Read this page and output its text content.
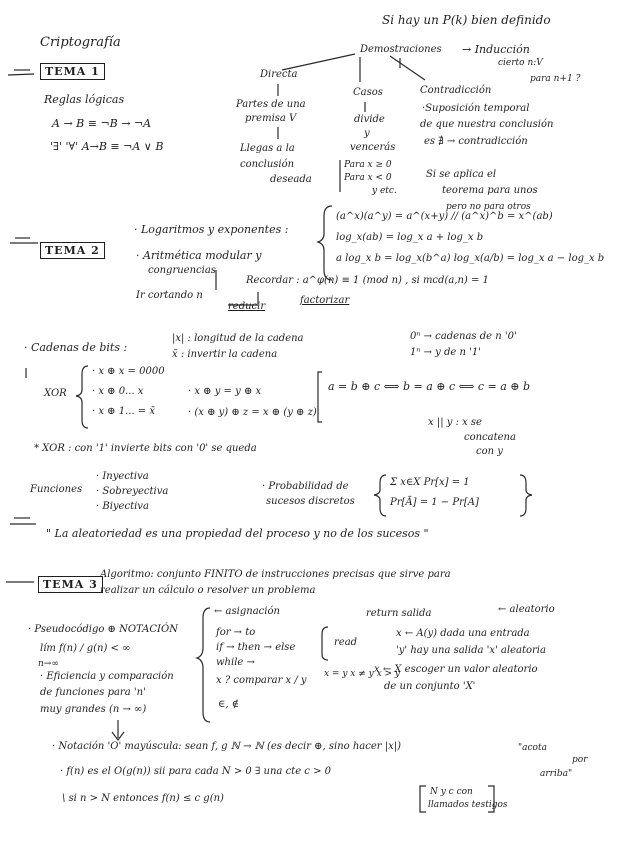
Si hay un P(k) bien definido
Criptografía
TEMA 1
Reglas lógicas
A → B ≡ ¬B → ¬A
'∃' '∀' A→B ≡ ¬A ∨ B
Demostraciones → Inducción
cierto n:V
para n+1 ?
Directa
Partes de una
premisa V
Llegas a la
conclusión
deseada
Casos
divide
y
vencerás
Para x ≥ 0
Para x < 0
y etc.
Contradicción
·Suposición temporal
de que nuestra conclusión
es ∄ → contradicción
Si se aplica el
teorema para unos
pero no para otros
TEMA 2
· Logaritmos y exponentes :
(a^x)(a^y) = a^(x+y) // (a^x)^b = x^(ab)
log_x(ab) = log_x a + log_x b
a log_x b = log_x(b^a) log_x(a/b) = log_x a − log_x b
· Aritmética modular y
congruencias
Recordar : a^φ(n) ≡ 1 (mod n) , si mcd(a,n) = 1
Ir cortando n
reducir
factorizar
· Cadenas de bits :
|x| : longitud de la cadena
x̄ : invertir la cadena
0ⁿ → cadenas de n '0'
1ⁿ → y de n '1'
XOR
· x ⊕ x = 0000
· x ⊕ 0... x
· x ⊕ 1... = x̄
· x ⊕ y = y ⊕ x
· (x ⊕ y) ⊕ z = x ⊕ (y ⊕ z)
a = b ⊕ c ⟺ b = a ⊕ c ⟺ c = a ⊕ b
x || y : x se
concatena
con y
* XOR : con '1' invierte bits con '0' se queda
Funciones
· Inyectiva
· Sobreyectiva
· Biyectiva
· Probabilidad de
sucesos discretos
Σ x∈X Pr[x] = 1
Pr[Ā] = 1 − Pr[A]
" La aleatoriedad es una propiedad del proceso y no de los sucesos "
TEMA 3
Algoritmo: conjunto FINITO de instrucciones precisas que sirve para
realizar un cálculo o resolver un problema
· Pseudocódigo ⊕ NOTACIÓN
lím f(n) / g(n) < ∞
n→∞
← asignación
for → to
if → then → else
while →
read
return salida	← aleatorio
x ← A(y) dada una entrada
'y' hay una salida 'x' aleatoria
x ? comparar x / y
x = y x ≠ y x > y
∈, ∉
x ← X escoger un valor aleatorio
de un conjunto 'X'
· Eficiencia y comparación
de funciones para 'n'
muy grandes (n → ∞)
· Notación 'O' mayúscula: sean f, g ℕ → ℕ (es decir ⊕, sino hacer |x|)	"acota
por
arriba"
· f(n) es el O(g(n)) sii para cada N > 0 ∃ una cte c > 0
\ si n > N entonces f(n) ≤ c g(n)
N y c con
llamados testigos
